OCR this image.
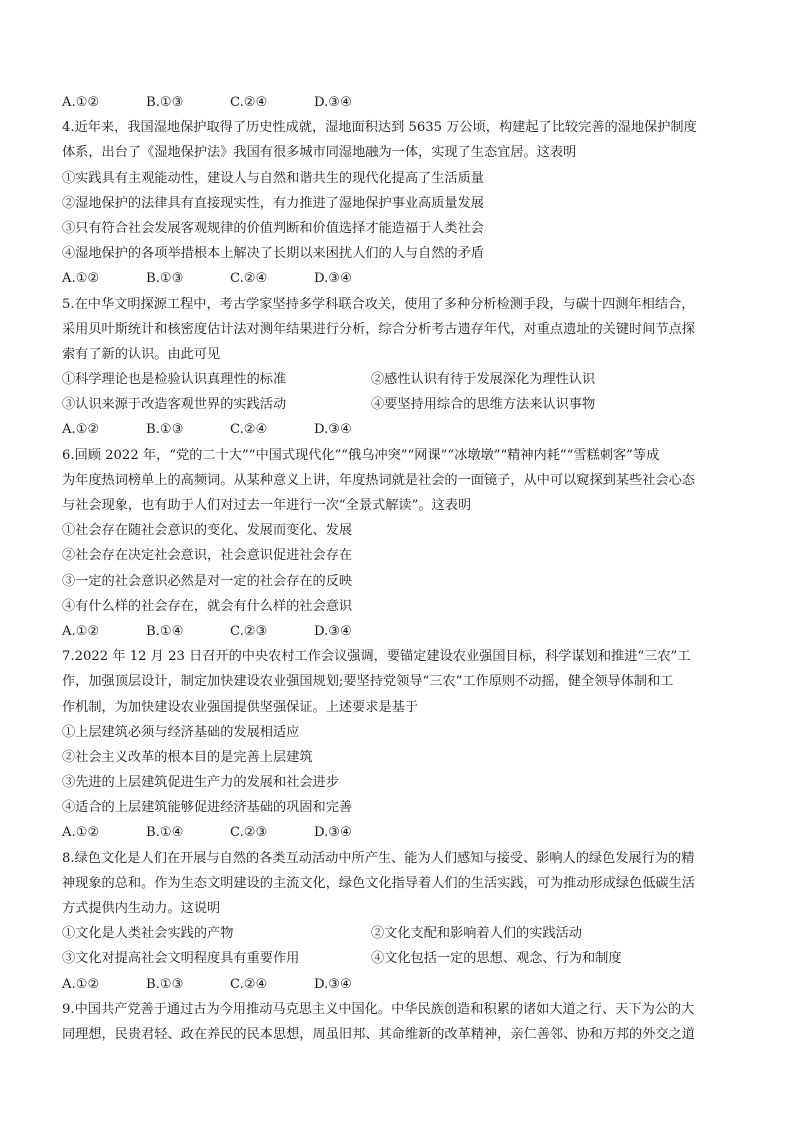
A.①②	B.①③	C.②④	D.③④
4.近年来，我国湿地保护取得了历史性成就，湿地面积达到 5635 万公顷，构建起了比较完善的湿地保护制度
体系，出台了《湿地保护法》我国有很多城市同湿地融为一体，实现了生态宜居。这表明
①实践具有主观能动性，建设人与自然和谐共生的现代化提高了生活质量
②湿地保护的法律具有直接现实性，有力推进了湿地保护事业高质量发展
③只有符合社会发展客观规律的价值判断和价值选择才能造福于人类社会
④湿地保护的各项举措根本上解决了长期以来困扰人们的人与自然的矛盾
A.①②	B.①③	C.②④	D.③④
5.在中华文明探源工程中，考古学家坚持多学科联合攻关，使用了多种分析检测手段，与碳十四测年相结合，
采用贝叶斯统计和核密度估计法对测年结果进行分析，综合分析考古遗存年代，对重点遗址的关键时间节点探
索有了新的认识。由此可见
①科学理论也是检验认识真理性的标准	②感性认识有待于发展深化为理性认识
③认识来源于改造客观世界的实践活动	④要坚持用综合的思维方法来认识事物
A.①②	B.①③	C.②④	D.③④
6.回顾 2022 年，“党的二十大”“中国式现代化”“俄乌冲突”“网课”“冰墩墩”“精神内耗”“雪糕刺客”等成
为年度热词榜单上的高频词。从某种意义上讲，年度热词就是社会的一面镜子，从中可以窥探到某些社会心态
与社会现象，也有助于人们对过去一年进行一次“全景式解读”。这表明
①社会存在随社会意识的变化、发展而变化、发展
②社会存在决定社会意识，社会意识促进社会存在
③一定的社会意识必然是对一定的社会存在的反映
④有什么样的社会存在，就会有什么样的社会意识
A.①②	B.①④	C.②③	D.③④
7.2022 年 12 月 23 日召开的中央农村工作会议强调，要锚定建设农业强国目标，科学谋划和推进“三农”工
作，加强顶层设计，制定加快建设农业强国规划;要坚持党领导“三农”工作原则不动摇，健全领导体制和工
作机制，为加快建设农业强国提供坚强保证。上述要求是基于
①上层建筑必须与经济基础的发展相适应
②社会主义改革的根本目的是完善上层建筑
③先进的上层建筑促进生产力的发展和社会进步
④适合的上层建筑能够促进经济基础的巩固和完善
A.①②	B.①④	C.②③	D.③④
8.绿色文化是人们在开展与自然的各类互动活动中所产生、能为人们感知与接受、影响人的绿色发展行为的精
神现象的总和。作为生态文明建设的主流文化，绿色文化指导着人们的生活实践，可为推动形成绿色低碳生活
方式提供内生动力。这说明
①文化是人类社会实践的产物	②文化支配和影响着人们的实践活动
③文化对提高社会文明程度具有重要作用	④文化包括一定的思想、观念、行为和制度
A.①②	B.①③	C.②④	D.③④
9.中国共产党善于通过古为今用推动马克思主义中国化。中华民族创造和积累的诸如大道之行、天下为公的大
同理想，民贵君轻、政在养民的民本思想，周虽旧邦、其命维新的改革精神，亲仁善邻、协和万邦的外交之道
